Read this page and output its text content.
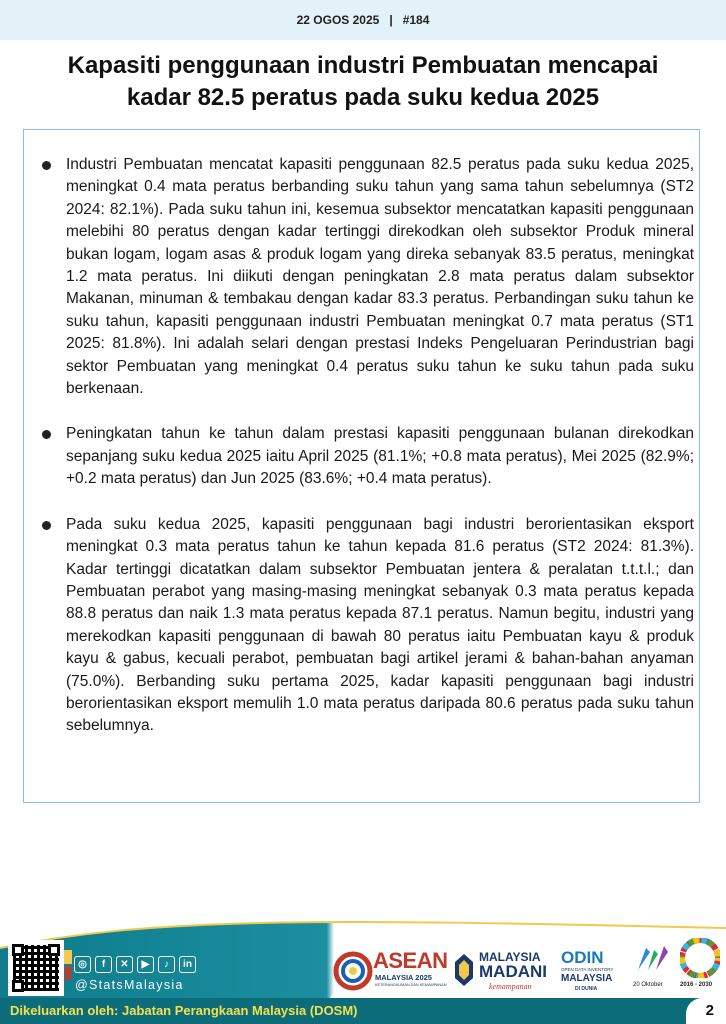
22 OGOS 2025 | #184
Kapasiti penggunaan industri Pembuatan mencapai
kadar 82.5 peratus pada suku kedua 2025
Industri Pembuatan mencatat kapasiti penggunaan 82.5 peratus pada suku kedua 2025, meningkat 0.4 mata peratus berbanding suku tahun yang sama tahun sebelumnya (ST2 2024: 82.1%). Pada suku tahun ini, kesemua subsektor mencatatkan kapasiti penggunaan melebihi 80 peratus dengan kadar tertinggi direkodkan oleh subsektor Produk mineral bukan logam, logam asas & produk logam yang direka sebanyak 83.5 peratus, meningkat 1.2 mata peratus. Ini diikuti dengan peningkatan 2.8 mata peratus dalam subsektor Makanan, minuman & tembakau dengan kadar 83.3 peratus. Perbandingan suku tahun ke suku tahun, kapasiti penggunaan industri Pembuatan meningkat 0.7 mata peratus (ST1 2025: 81.8%). Ini adalah selari dengan prestasi Indeks Pengeluaran Perindustrian bagi sektor Pembuatan yang meningkat 0.4 peratus suku tahun ke suku tahun pada suku berkenaan.
Peningkatan tahun ke tahun dalam prestasi kapasiti penggunaan bulanan direkodkan sepanjang suku kedua 2025 iaitu April 2025 (81.1%; +0.8 mata peratus), Mei 2025 (82.9%; +0.2 mata peratus) dan Jun 2025 (83.6%; +0.4 mata peratus).
Pada suku kedua 2025, kapasiti penggunaan bagi industri berorientasikan eksport meningkat 0.3 mata peratus tahun ke tahun kepada 81.6 peratus (ST2 2024: 81.3%). Kadar tertinggi dicatatkan dalam subsektor Pembuatan jentera & peralatan t.t.t.l.; dan Pembuatan perabot yang masing-masing meningkat sebanyak 0.3 mata peratus kepada 88.8 peratus dan naik 1.3 mata peratus kepada 87.1 peratus. Namun begitu, industri yang merekodkan kapasiti penggunaan di bawah 80 peratus iaitu Pembuatan kayu & produk kayu & gabus, kecuali perabot, pembuatan bagi artikel jerami & bahan-bahan anyaman (75.0%). Berbanding suku pertama 2025, kadar kapasiti penggunaan bagi industri berorientasikan eksport memulih 1.0 mata peratus daripada 80.6 peratus pada suku tahun sebelumnya.
◎	f	✕	▶	♪	in
@StatsMalaysia
ASEAN
MALAYSIA 2025
KETERANGKUMAN DAN KEMAMPANAN
MALAYSIA
MADANI
kemampanan
ODIN
OPEN DATA INVENTORY
MALAYSIA
DI DUNIA
20 Oktober	2016 - 2030
Dikeluarkan oleh: Jabatan Perangkaan Malaysia (DOSM)	2
